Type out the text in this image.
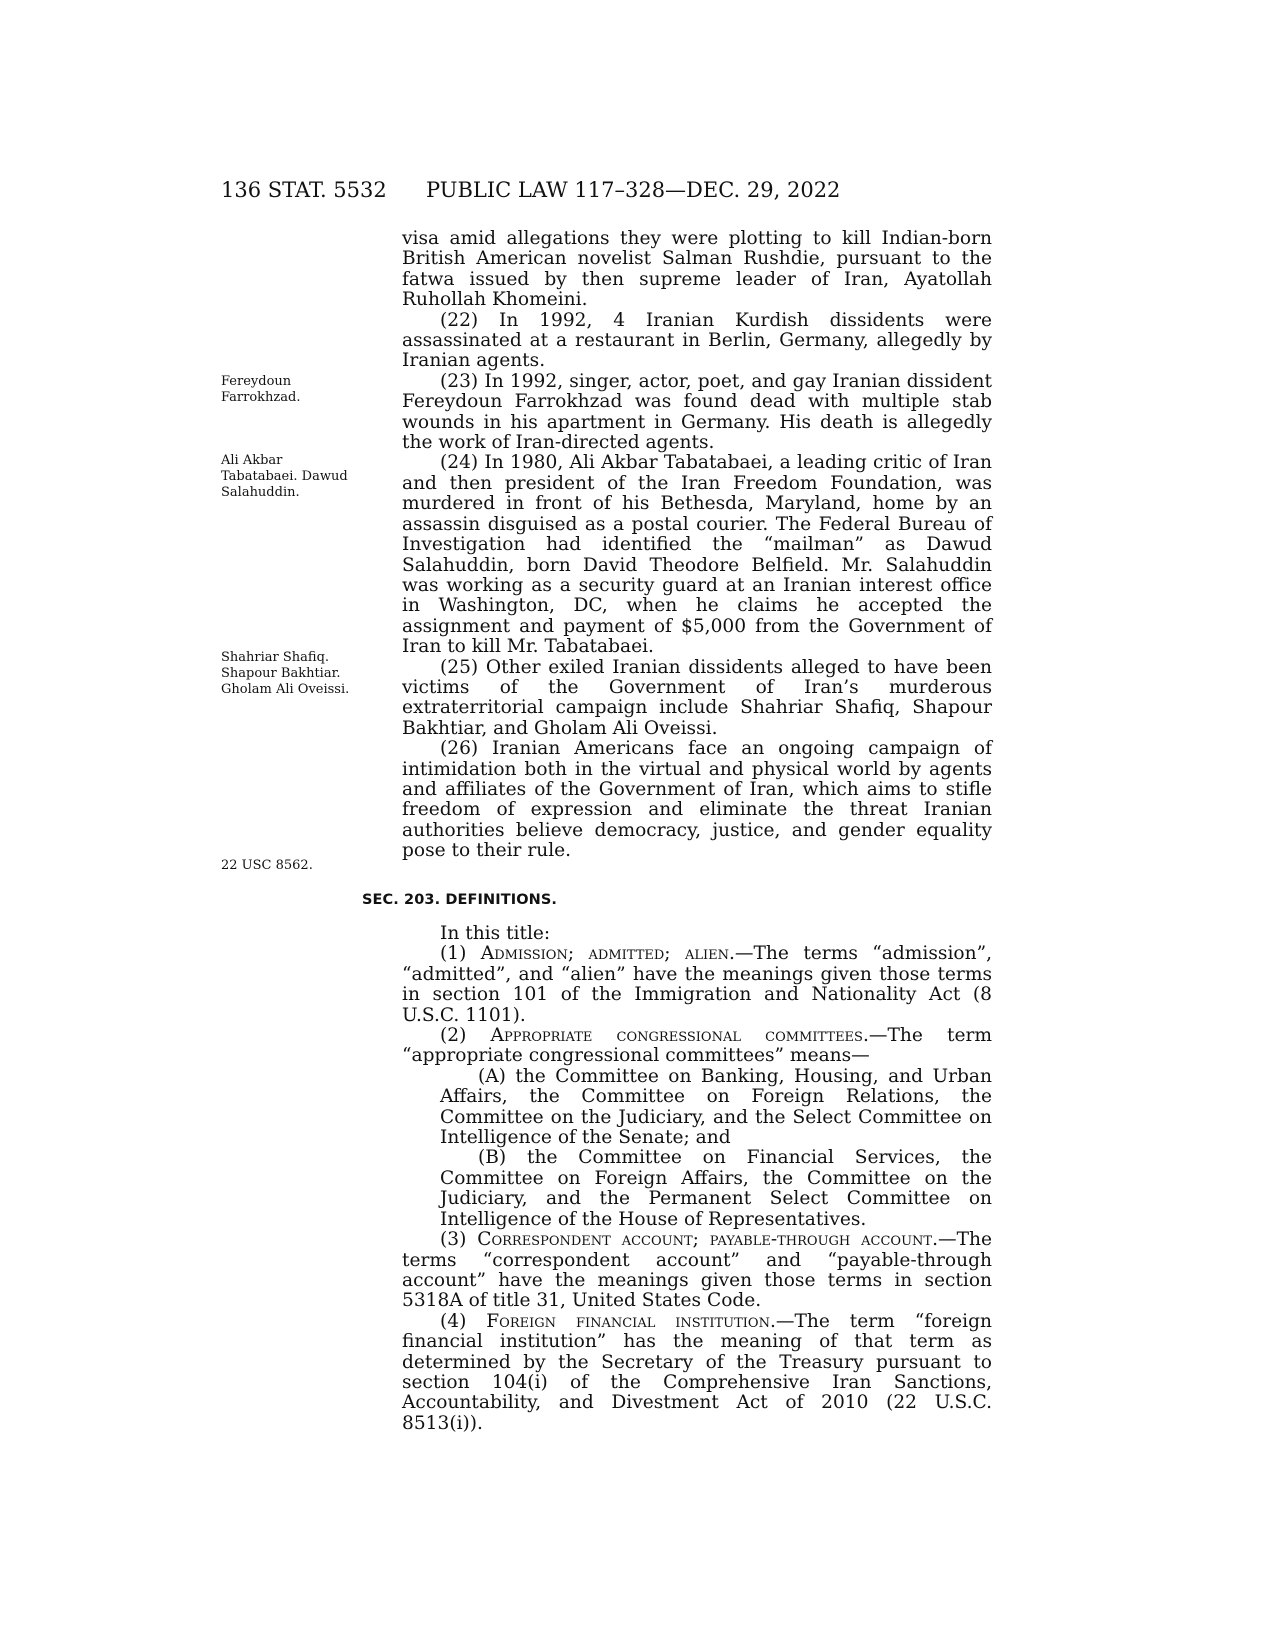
136 STAT. 5532 PUBLIC LAW 117–328—DEC. 29, 2022
Fereydoun Farrokhzad.
Ali Akbar Tabatabaei. Dawud Salahuddin.
Shahriar Shafiq. Shapour Bakhtiar. Gholam Ali Oveissi.
22 USC 8562.

visa amid allegations they were plotting to kill Indian-born British American novelist Salman Rushdie, pursuant to the fatwa issued by then supreme leader of Iran, Ayatollah Ruhollah Khomeini.

(22) In 1992, 4 Iranian Kurdish dissidents were assassinated at a restaurant in Berlin, Germany, allegedly by Iranian agents.

(23) In 1992, singer, actor, poet, and gay Iranian dissident Fereydoun Farrokhzad was found dead with multiple stab wounds in his apartment in Germany. His death is allegedly the work of Iran-directed agents.

(24) In 1980, Ali Akbar Tabatabaei, a leading critic of Iran and then president of the Iran Freedom Foundation, was murdered in front of his Bethesda, Maryland, home by an assassin disguised as a postal courier. The Federal Bureau of Investigation had identified the “mailman” as Dawud Salahuddin, born David Theodore Belfield. Mr. Salahuddin was working as a security guard at an Iranian interest office in Washington, DC, when he claims he accepted the assignment and payment of $5,000 from the Government of Iran to kill Mr. Tabatabaei.

(25) Other exiled Iranian dissidents alleged to have been victims of the Government of Iran’s murderous extraterritorial campaign include Shahriar Shafiq, Shapour Bakhtiar, and Gholam Ali Oveissi.

(26) Iranian Americans face an ongoing campaign of intimidation both in the virtual and physical world by agents and affiliates of the Government of Iran, which aims to stifle freedom of expression and eliminate the threat Iranian authorities believe democracy, justice, and gender equality pose to their rule.

SEC. 203. DEFINITIONS.

In this title:

(1) Admission; admitted; alien.—The terms “admission”, “admitted”, and “alien” have the meanings given those terms in section 101 of the Immigration and Nationality Act (8 U.S.C. 1101).

(2) Appropriate congressional committees.—The term “appropriate congressional committees” means—

(A) the Committee on Banking, Housing, and Urban Affairs, the Committee on Foreign Relations, the Committee on the Judiciary, and the Select Committee on Intelligence of the Senate; and

(B) the Committee on Financial Services, the Committee on Foreign Affairs, the Committee on the Judiciary, and the Permanent Select Committee on Intelligence of the House of Representatives.

(3) Correspondent account; payable-through account.—The terms “correspondent account” and “payable-through account” have the meanings given those terms in section 5318A of title 31, United States Code.

(4) Foreign financial institution.—The term “foreign financial institution” has the meaning of that term as determined by the Secretary of the Treasury pursuant to section 104(i) of the Comprehensive Iran Sanctions, Accountability, and Divestment Act of 2010 (22 U.S.C. 8513(i)).
